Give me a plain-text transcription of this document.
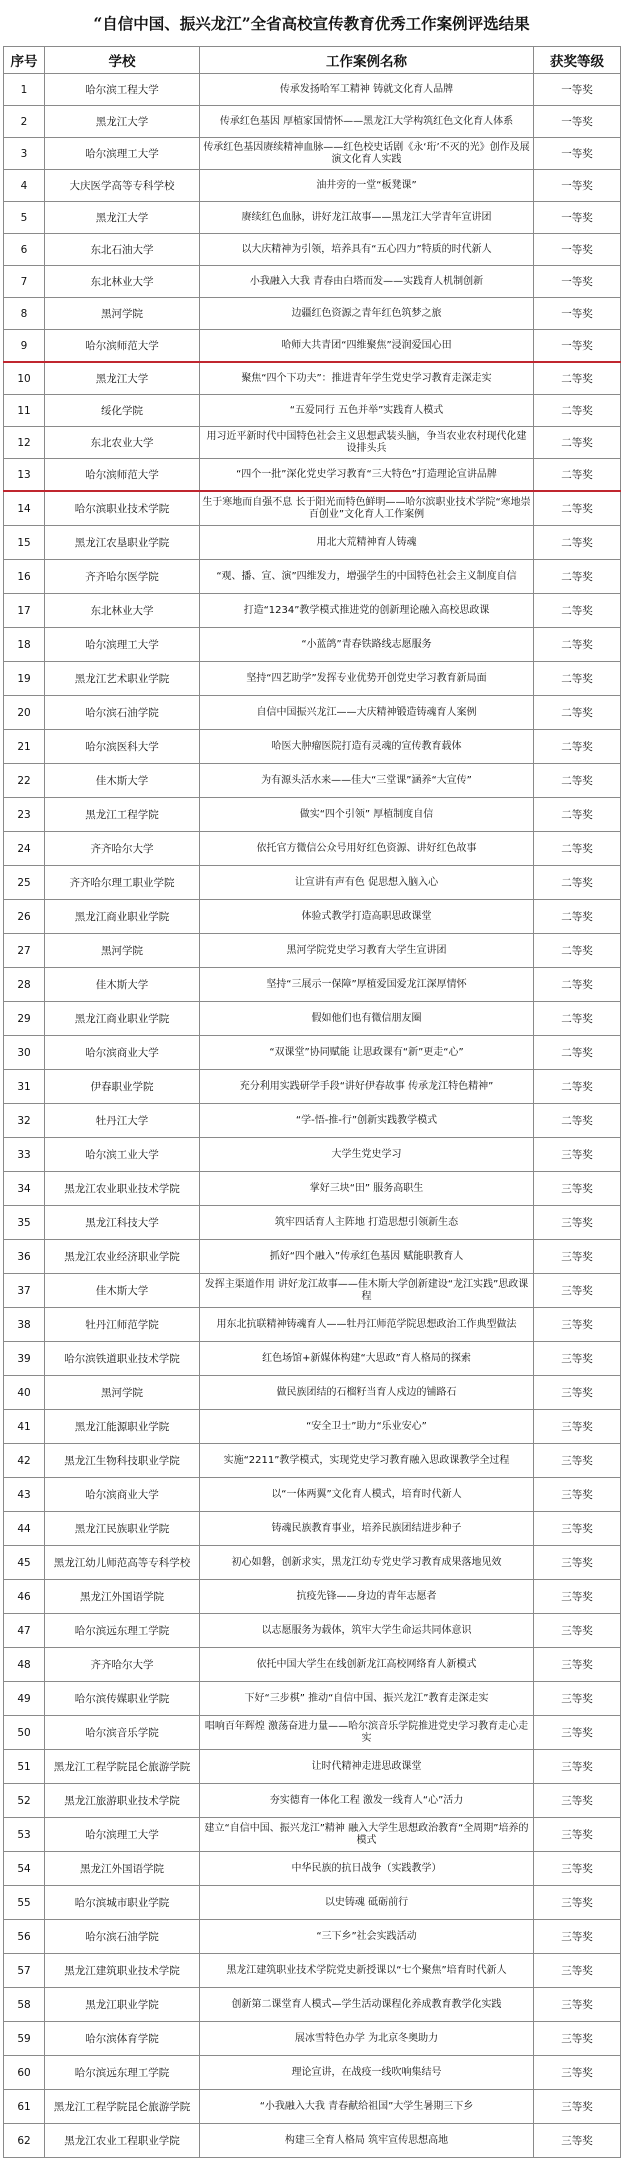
“自信中国、振兴龙江”全省高校宣传教育优秀工作案例评选结果
序号	学校	工作案例名称	获奖等级
1	哈尔滨工程大学	传承发扬哈军工精神 铸就文化育人品牌	一等奖
2	黑龙江大学	传承红色基因 厚植家国情怀——黑龙江大学构筑红色文化育人体系	一等奖
3	哈尔滨理工大学	传承红色基因赓续精神血脉——红色校史话剧《永‘珩’不灭的光》创作及展演文化育人实践	一等奖
4	大庆医学高等专科学校	油井旁的一堂“板凳课”	一等奖
5	黑龙江大学	赓续红色血脉，讲好龙江故事——黑龙江大学青年宣讲团	一等奖
6	东北石油大学	以大庆精神为引领，培养具有“五心四力”特质的时代新人	一等奖
7	东北林业大学	小我融入大我 青春由白塔而发——实践育人机制创新	一等奖
8	黑河学院	边疆红色资源之青年红色筑梦之旅	一等奖
9	哈尔滨师范大学	哈师大共青团“四维聚焦”浸润爱国心田	一等奖
10	黑龙江大学	聚焦“四个下功夫”：推进青年学生党史学习教育走深走实	二等奖
11	绥化学院	“五爱同行 五色并举”实践育人模式	二等奖
12	东北农业大学	用习近平新时代中国特色社会主义思想武装头脑，争当农业农村现代化建设排头兵	二等奖
13	哈尔滨师范大学	“四个一批”深化党史学习教育“三大特色”打造理论宣讲品牌	二等奖
14	哈尔滨职业技术学院	生于寒地而自强不息 长于阳光而特色鲜明——哈尔滨职业技术学院“寒地崇百创业”文化育人工作案例	二等奖
15	黑龙江农垦职业学院	用北大荒精神育人铸魂	二等奖
16	齐齐哈尔医学院	“观、播、宣、演”四维发力，增强学生的中国特色社会主义制度自信	二等奖
17	东北林业大学	打造“1234”教学模式推进党的创新理论融入高校思政课	二等奖
18	哈尔滨理工大学	“小蓝鸽”青春铁路线志愿服务	二等奖
19	黑龙江艺术职业学院	坚持“四艺助学”发挥专业优势开创党史学习教育新局面	二等奖
20	哈尔滨石油学院	自信中国振兴龙江——大庆精神锻造铸魂育人案例	二等奖
21	哈尔滨医科大学	哈医大肿瘤医院打造有灵魂的宣传教育载体	二等奖
22	佳木斯大学	为有源头活水来——佳大“三堂课”涵养“大宣传”	二等奖
23	黑龙江工程学院	做实“四个引领” 厚植制度自信	二等奖
24	齐齐哈尔大学	依托官方微信公众号用好红色资源、讲好红色故事	二等奖
25	齐齐哈尔理工职业学院	让宣讲有声有色 促思想入脑入心	二等奖
26	黑龙江商业职业学院	体验式教学打造高职思政课堂	二等奖
27	黑河学院	黑河学院党史学习教育大学生宣讲团	二等奖
28	佳木斯大学	坚持“三展示一保障”厚植爱国爱龙江深厚情怀	二等奖
29	黑龙江商业职业学院	假如他们也有微信朋友圈	二等奖
30	哈尔滨商业大学	“双课堂”协同赋能 让思政课有“新”更走“心”	二等奖
31	伊春职业学院	充分利用实践研学手段“讲好伊春故事 传承龙江特色精神”	二等奖
32	牡丹江大学	“学-悟-推-行”创新实践教学模式	二等奖
33	哈尔滨工业大学	大学生党史学习	三等奖
34	黑龙江农业职业技术学院	掌好三块“田” 服务高职生	三等奖
35	黑龙江科技大学	筑牢四话育人主阵地 打造思想引领新生态	三等奖
36	黑龙江农业经济职业学院	抓好“四个融入”传承红色基因 赋能职教育人	三等奖
37	佳木斯大学	发挥主渠道作用 讲好龙江故事——佳木斯大学创新建设“龙江实践”思政课程	三等奖
38	牡丹江师范学院	用东北抗联精神铸魂育人——牡丹江师范学院思想政治工作典型做法	三等奖
39	哈尔滨铁道职业技术学院	红色场馆+新媒体构建“大思政”育人格局的探索	三等奖
40	黑河学院	做民族团结的石榴籽当育人戍边的铺路石	三等奖
41	黑龙江能源职业学院	“安全卫士”助力“乐业安心”	三等奖
42	黑龙江生物科技职业学院	实施“2211”教学模式，实现党史学习教育融入思政课教学全过程	三等奖
43	哈尔滨商业大学	以“一体两翼”文化育人模式，培育时代新人	三等奖
44	黑龙江民族职业学院	铸魂民族教育事业，培养民族团结进步种子	三等奖
45	黑龙江幼儿师范高等专科学校	初心如磐，创新求实，黑龙江幼专党史学习教育成果落地见效	三等奖
46	黑龙江外国语学院	抗疫先锋——身边的青年志愿者	三等奖
47	哈尔滨远东理工学院	以志愿服务为载体，筑牢大学生命运共同体意识	三等奖
48	齐齐哈尔大学	依托中国大学生在线创新龙江高校网络育人新模式	三等奖
49	哈尔滨传媒职业学院	下好“三步棋” 推动“自信中国、振兴龙江”教育走深走实	三等奖
50	哈尔滨音乐学院	唱响百年辉煌 激荡奋进力量——哈尔滨音乐学院推进党史学习教育走心走实	三等奖
51	黑龙江工程学院昆仑旅游学院	让时代精神走进思政课堂	三等奖
52	黑龙江旅游职业技术学院	夯实德育一体化工程 激发一线育人“心”活力	三等奖
53	哈尔滨理工大学	建立“自信中国、振兴龙江”精神 融入大学生思想政治教育“全周期”培养的模式	三等奖
54	黑龙江外国语学院	中华民族的抗日战争（实践教学）	三等奖
55	哈尔滨城市职业学院	以史铸魂 砥砺前行	三等奖
56	哈尔滨石油学院	“三下乡”社会实践活动	三等奖
57	黑龙江建筑职业技术学院	黑龙江建筑职业技术学院党史新授课以“七个聚焦”培育时代新人	三等奖
58	黑龙江职业学院	创新第二课堂育人模式—学生活动课程化养成教育教学化实践	三等奖
59	哈尔滨体育学院	展冰雪特色办学 为北京冬奥助力	三等奖
60	哈尔滨远东理工学院	理论宣讲，在战疫一线吹响集结号	三等奖
61	黑龙江工程学院昆仑旅游学院	“小我融入大我 青春献给祖国”大学生暑期三下乡	三等奖
62	黑龙江农业工程职业学院	构建三全育人格局 筑牢宣传思想高地	三等奖
